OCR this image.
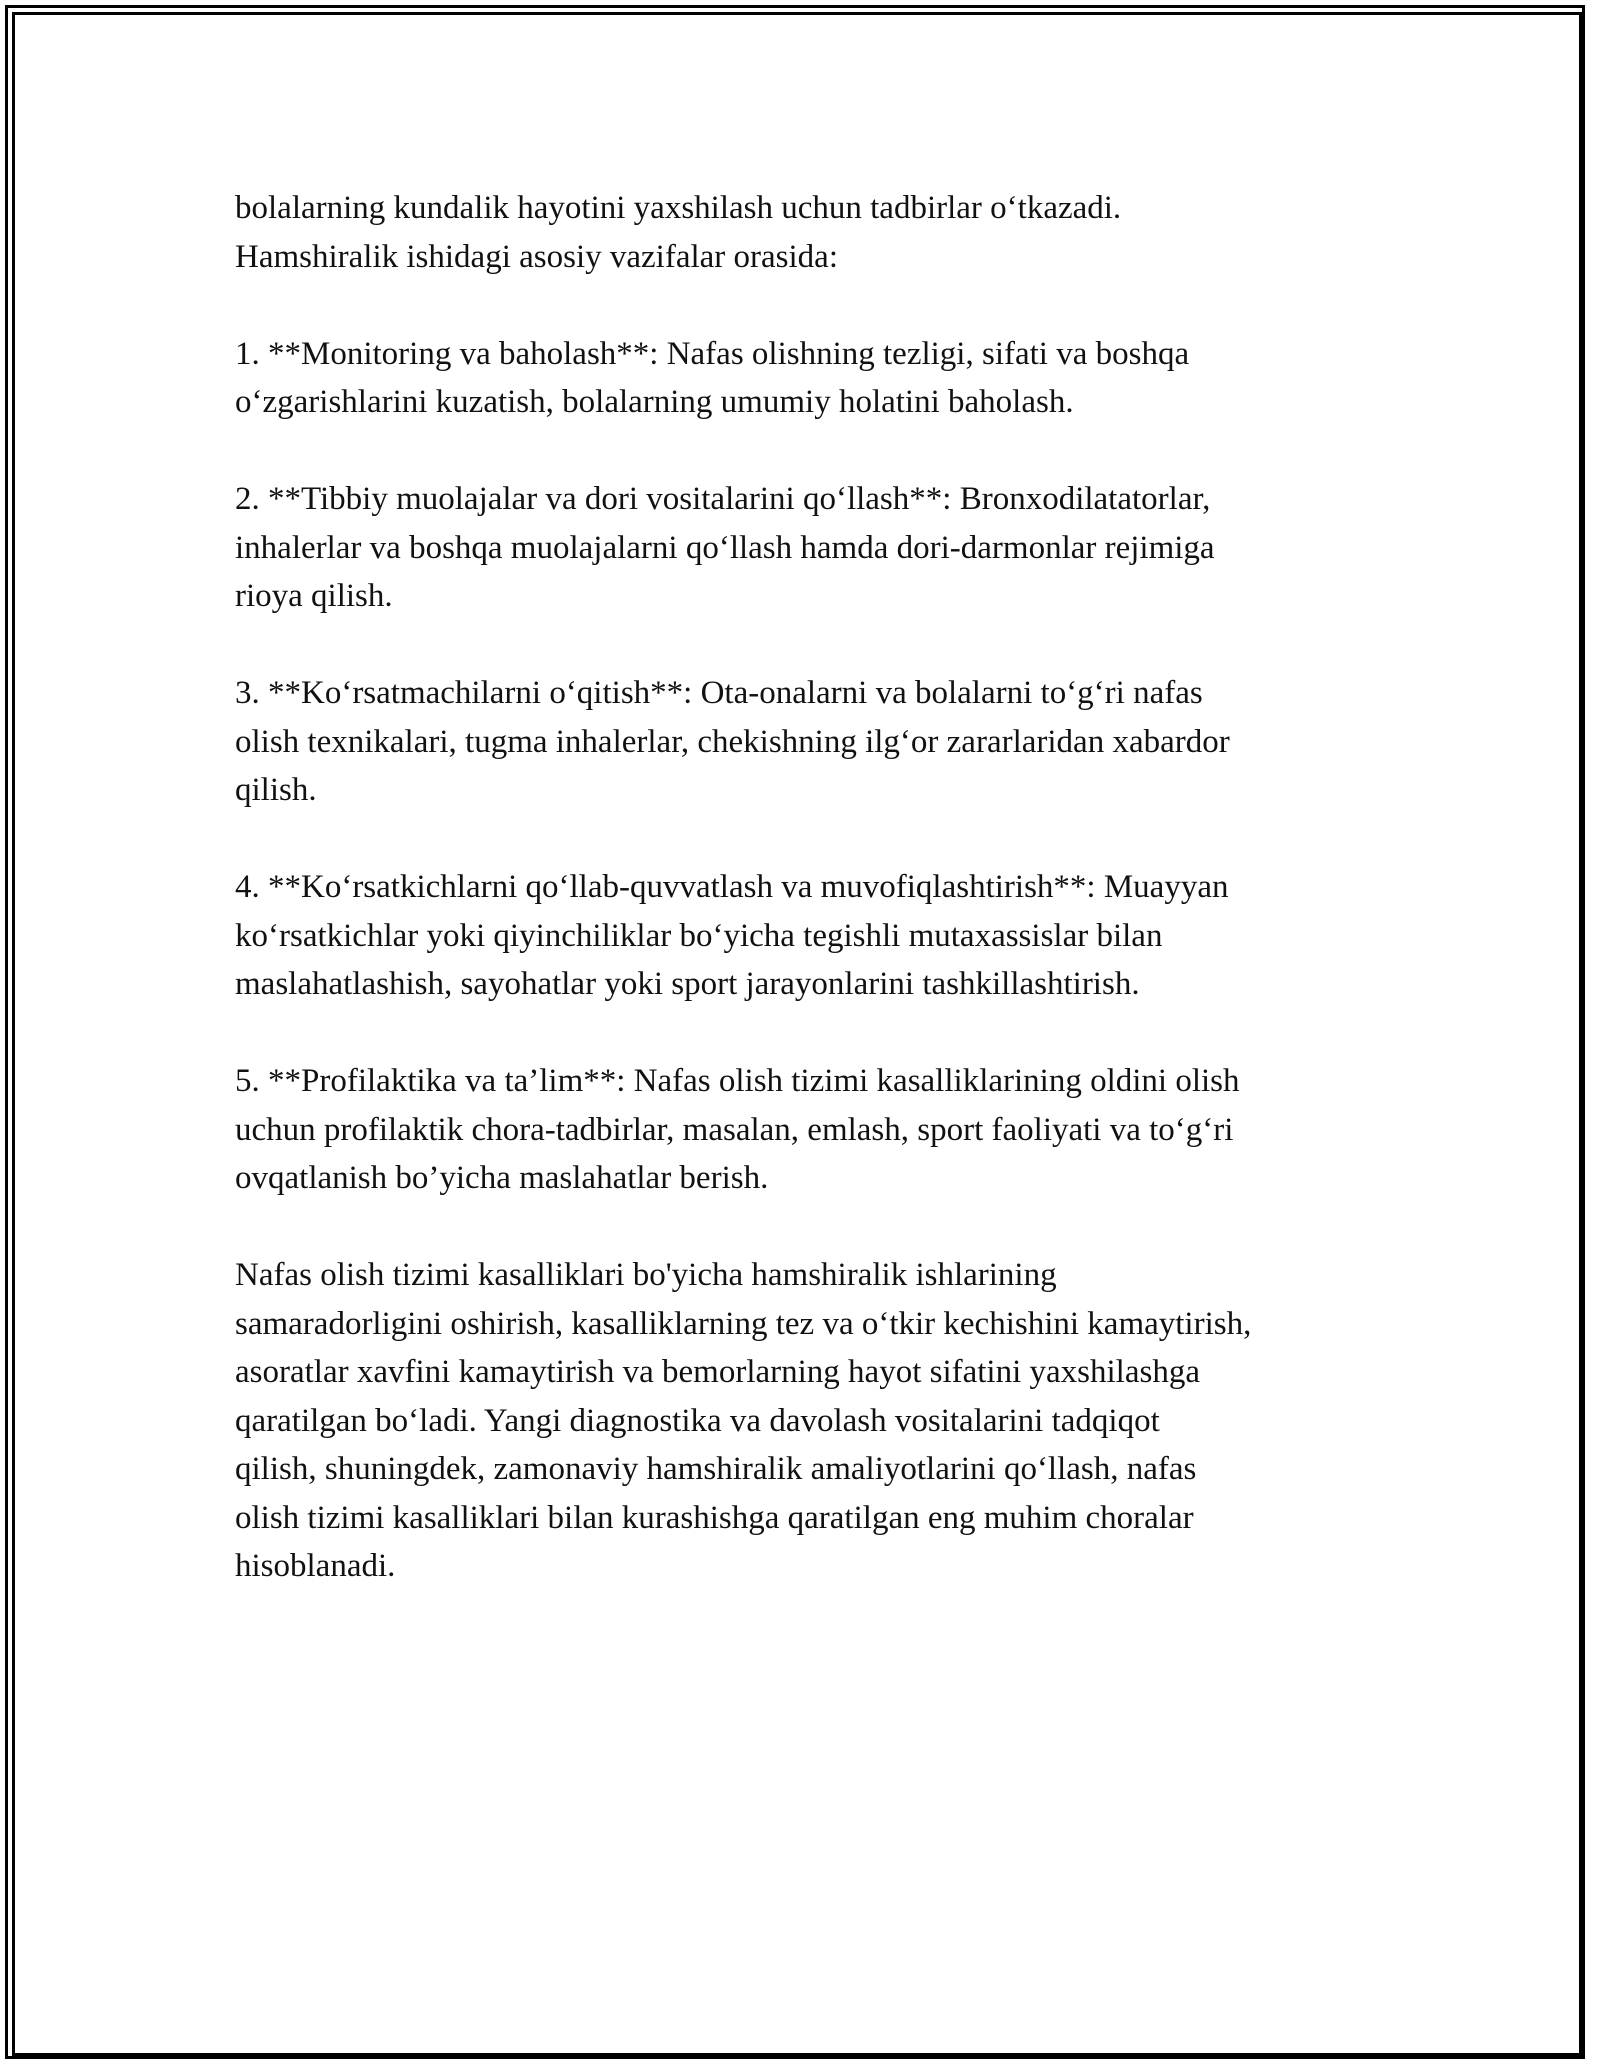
bolalarning kundalik hayotini yaxshilash uchun tadbirlar o‘tkazadi.
Hamshiralik ishidagi asosiy vazifalar orasida:

1. **Monitoring va baholash**: Nafas olishning tezligi, sifati va boshqa
o‘zgarishlarini kuzatish, bolalarning umumiy holatini baholash.

2. **Tibbiy muolajalar va dori vositalarini qo‘llash**: Bronxodilatatorlar,
inhalerlar va boshqa muolajalarni qo‘llash hamda dori-darmonlar rejimiga
rioya qilish.

3. **Ko‘rsatmachilarni o‘qitish**: Ota-onalarni va bolalarni to‘g‘ri nafas
olish texnikalari, tugma inhalerlar, chekishning ilg‘or zararlaridan xabardor
qilish.

4. **Ko‘rsatkichlarni qo‘llab-quvvatlash va muvofiqlashtirish**: Muayyan
ko‘rsatkichlar yoki qiyinchiliklar bo‘yicha tegishli mutaxassislar bilan
maslahatlashish, sayohatlar yoki sport jarayonlarini tashkillashtirish.

5. **Profilaktika va ta’lim**: Nafas olish tizimi kasalliklarining oldini olish
uchun profilaktik chora-tadbirlar, masalan, emlash, sport faoliyati va to‘g‘ri
ovqatlanish bo’yicha maslahatlar berish.

Nafas olish tizimi kasalliklari bo'yicha hamshiralik ishlarining
samaradorligini oshirish, kasalliklarning tez va o‘tkir kechishini kamaytirish,
asoratlar xavfini kamaytirish va bemorlarning hayot sifatini yaxshilashga
qaratilgan bo‘ladi. Yangi diagnostika va davolash vositalarini tadqiqot
qilish, shuningdek, zamonaviy hamshiralik amaliyotlarini qo‘llash, nafas
olish tizimi kasalliklari bilan kurashishga qaratilgan eng muhim choralar
hisoblanadi.
